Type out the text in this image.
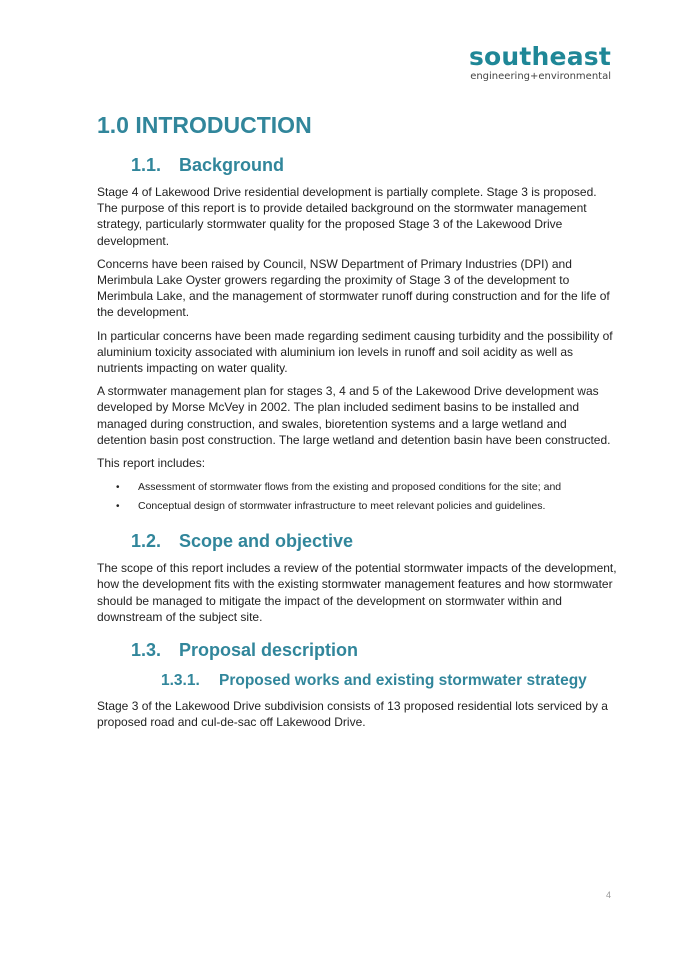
southeast
engineering+environmental
1.0 INTRODUCTION
1.1. Background

Stage 4 of Lakewood Drive residential development is partially complete. Stage 3 is proposed. The purpose of this report is to provide detailed background on the stormwater management strategy, particularly stormwater quality for the proposed Stage 3 of the Lakewood Drive development.

Concerns have been raised by Council, NSW Department of Primary Industries (DPI) and Merimbula Lake Oyster growers regarding the proximity of Stage 3 of the development to Merimbula Lake, and the management of stormwater runoff during construction and for the life of the development.

In particular concerns have been made regarding sediment causing turbidity and the possibility of aluminium toxicity associated with aluminium ion levels in runoff and soil acidity as well as nutrients impacting on water quality.

A stormwater management plan for stages 3, 4 and 5 of the Lakewood Drive development was developed by Morse McVey in 2002. The plan included sediment basins to be installed and managed during construction, and swales, bioretention systems and a large wetland and detention basin post construction. The large wetland and detention basin have been constructed.

This report includes:

• Assessment of stormwater flows from the existing and proposed conditions for the site; and
• Conceptual design of stormwater infrastructure to meet relevant policies and guidelines.
1.2. Scope and objective

The scope of this report includes a review of the potential stormwater impacts of the development, how the development fits with the existing stormwater management features and how stormwater should be managed to mitigate the impact of the development on stormwater within and downstream of the subject site.

1.3. Proposal description
1.3.1. Proposed works and existing stormwater strategy

Stage 3 of the Lakewood Drive subdivision consists of 13 proposed residential lots serviced by a proposed road and cul-de-sac off Lakewood Drive.

4
